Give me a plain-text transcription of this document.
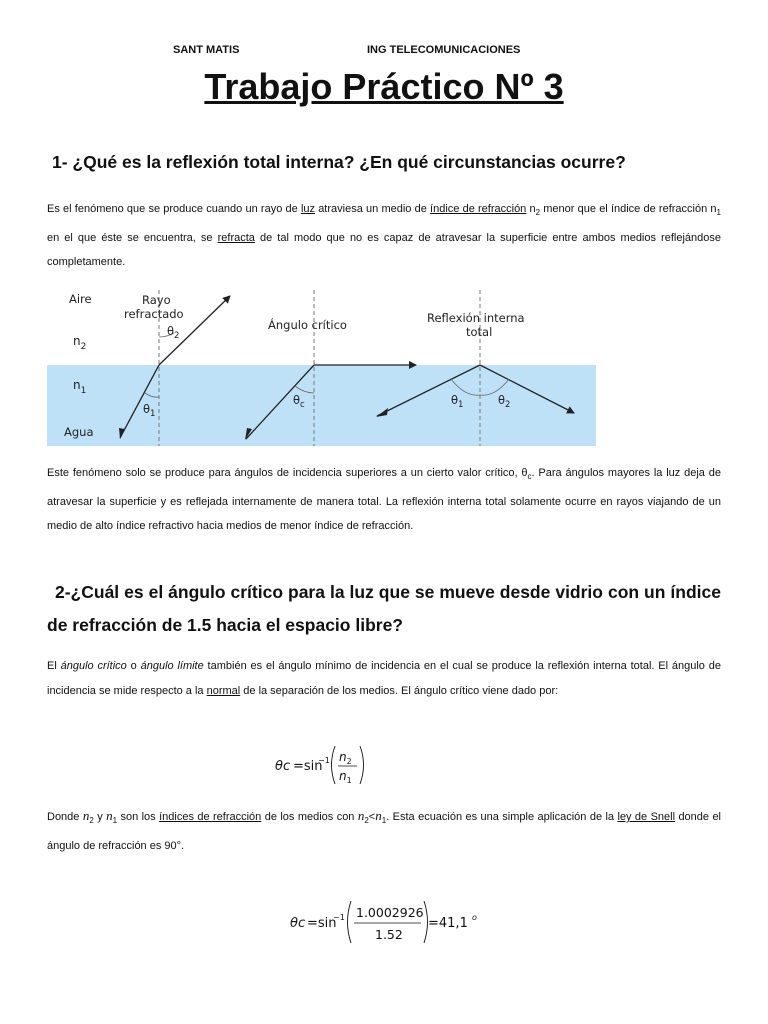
SANT MATIS	ING TELECOMUNICACIONES
Trabajo Práctico Nº 3
1- ¿Qué es la reflexión total interna? ¿En qué circunstancias ocurre?
Es el fenómeno que se produce cuando un rayo de luz atraviesa un medio de índice de refracción $n_2$ menor que el índice de refracción $n_1$ en el que éste se encuentra, se refracta de tal modo que no es capaz de atravesar la superficie entre ambos medios reflejándose completamente.
Aire
$n_2$
$n_1$
Agua
Rayo
refractado
$\theta_2$
$\theta_1$
Ángulo crítico
$\theta_c$
Reflexión interna
total
$\theta_1$	$\theta_2$
Este fenómeno solo se produce para ángulos de incidencia superiores a un cierto valor crítico, $\theta_c$. Para ángulos mayores la luz deja de atravesar la superficie y es reflejada internamente de manera total. La reflexión interna total solamente ocurre en rayos viajando de un medio de alto índice refractivo hacia medios de menor índice de refracción.
2-¿Cuál es el ángulo crítico para la luz que se mueve desde vidrio con un índice de refracción de 1.5 hacia el espacio libre?
El ángulo crítico o ángulo límite también es el ángulo mínimo de incidencia en el cual se produce la reflexión interna total. El ángulo de incidencia se mide respecto a la normal de la separación de los medios. El ángulo crítico viene dado por:
θc =sin
−1 $n_2$
$n_1$
Donde $n_2$ y $n_1$ son los índices de refracción de los medios con $n_2<n_1$. Esta ecuación es una simple aplicación de la ley de Snell donde el ángulo de refracción es 90°.
θc =sin
−1 1.0002926
1.52
=41,1 o
